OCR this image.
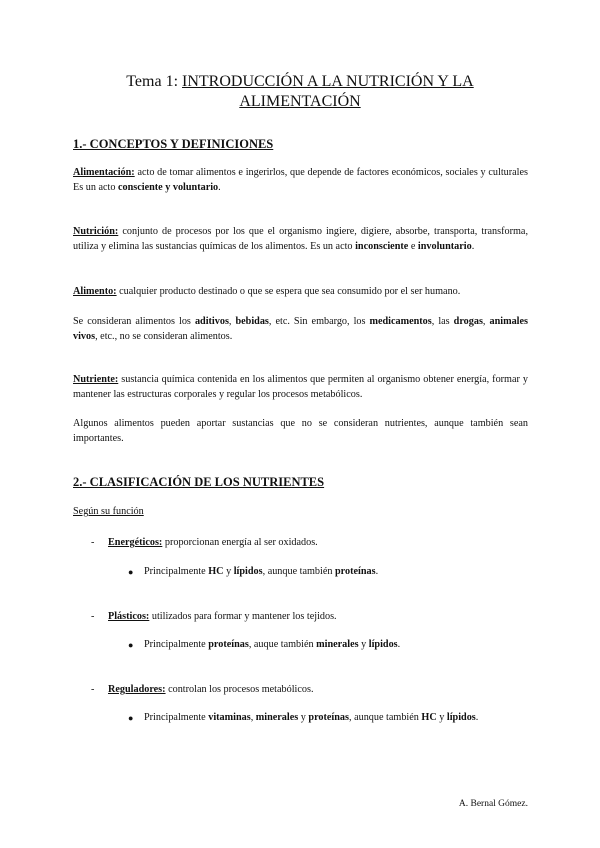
Tema 1: INTRODUCCIÓN A LA NUTRICIÓN Y LA
ALIMENTACIÓN
1.- CONCEPTOS Y DEFINICIONES
Alimentación: acto de tomar alimentos e ingerirlos, que depende de factores económicos, sociales y culturales Es un acto consciente y voluntario.
Nutrición: conjunto de procesos por los que el organismo ingiere, digiere, absorbe, transporta, transforma, utiliza y elimina las sustancias químicas de los alimentos. Es un acto inconsciente e involuntario.
Alimento: cualquier producto destinado o que se espera que sea consumido por el ser humano.
Se consideran alimentos los aditivos, bebidas, etc. Sin embargo, los medicamentos, las drogas, animales vivos, etc., no se consideran alimentos.
Nutriente: sustancia química contenida en los alimentos que permiten al organismo obtener energía, formar y mantener las estructuras corporales y regular los procesos metabólicos.
Algunos alimentos pueden aportar sustancias que no se consideran nutrientes, aunque también sean importantes.
2.- CLASIFICACIÓN DE LOS NUTRIENTES
Según su función
- Energéticos: proporcionan energía al ser oxidados.
● Principalmente HC y lípidos, aunque también proteínas.
- Plásticos: utilizados para formar y mantener los tejidos.
● Principalmente proteínas, auque también minerales y lípidos.
- Reguladores: controlan los procesos metabólicos.
● Principalmente vitaminas, minerales y proteínas, aunque también HC y lípidos.
A. Bernal Gómez.
